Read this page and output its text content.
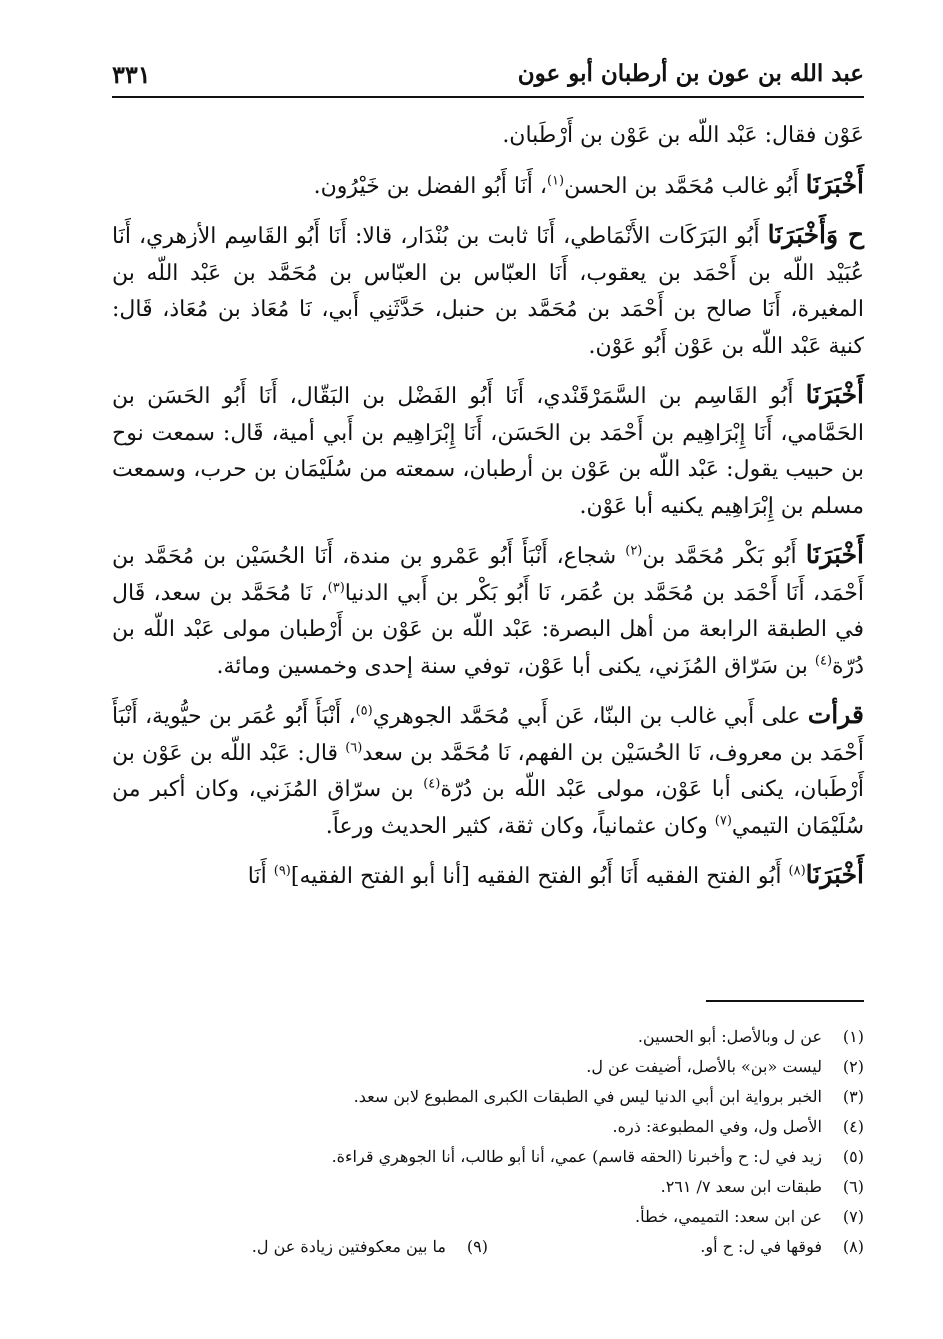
عبد الله بن عون بن أرطبان أبو عون
٣٣١

عَوْن فقال: عَبْد اللّه بن عَوْن بن أَرْطَبان.

أَخْبَرَنَا أَبُو غالب مُحَمَّد بن الحسن$^{(١)}$، أَنَا أَبُو الفضل بن خَيْرُون.

ح وَأَخْبَرَنَا أَبُو البَرَكَات الأَنْمَاطي، أَنَا ثابت بن بُنْدَار، قالا: أَنَا أَبُو القَاسِم الأزهري، أَنَا عُبَيْد اللّه بن أَحْمَد بن يعقوب، أَنَا العبّاس بن العبّاس بن مُحَمَّد بن عَبْد اللّه بن المغيرة، أَنَا صالح بن أَحْمَد بن مُحَمَّد بن حنبل، حَدَّثَنِي أَبي، نَا مُعَاذ بن مُعَاذ، قَال: كنية عَبْد اللّه بن عَوْن أَبُو عَوْن.

أَخْبَرَنَا أَبُو القَاسِم بن السَّمَرْقَنْدي، أَنَا أَبُو الفَضْل بن البَقّال، أَنَا أَبُو الحَسَن بن الحَمَّامي، أَنَا إِبْرَاهِيم بن أَحْمَد بن الحَسَن، أَنَا إِبْرَاهِيم بن أَبي أمية، قَال: سمعت نوح بن حبيب يقول: عَبْد اللّه بن عَوْن بن أرطبان، سمعته من سُلَيْمَان بن حرب، وسمعت مسلم بن إِبْرَاهِيم يكنيه أبا عَوْن.

أَخْبَرَنَا أَبُو بَكْر مُحَمَّد بن$^{(٢)}$ شجاع، أَنْبَأَ أَبُو عَمْرو بن مندة، أَنَا الحُسَيْن بن مُحَمَّد بن أَحْمَد، أَنَا أَحْمَد بن مُحَمَّد بن عُمَر، نَا أَبُو بَكْر بن أَبي الدنيا$^{(٣)}$، نَا مُحَمَّد بن سعد، قَال في الطبقة الرابعة من أهل البصرة: عَبْد اللّه بن عَوْن بن أَرْطبان مولى عَبْد اللّه بن دُرّة$^{(٤)}$ بن سَرّاق المُزَني، يكنى أبا عَوْن، توفي سنة إحدى وخمسين ومائة.

قرأت على أَبي غالب بن البنّا، عَن أَبي مُحَمَّد الجوهري$^{(٥)}$، أَنْبَأَ أَبُو عُمَر بن حيُّوية، أَنْبَأَ أَحْمَد بن معروف، نَا الحُسَيْن بن الفهم، نَا مُحَمَّد بن سعد$^{(٦)}$ قال: عَبْد اللّه بن عَوْن بن أَرْطَبان، يكنى أبا عَوْن، مولى عَبْد اللّه بن دُرّة$^{(٤)}$ بن سرّاق المُزَني، وكان أكبر من سُلَيْمَان التيمي$^{(٧)}$ وكان عثمانياً، وكان ثقة، كثير الحديث ورعاً.

أَخْبَرَنَا$^{(٨)}$ أَبُو الفتح الفقيه أَنَا أَبُو الفتح الفقيه [أنا أبو الفتح الفقيه]$^{(٩)}$ أَنَا

(١)عن ل وبالأصل: أبو الحسين.
(٢)ليست «بن» بالأصل، أضيفت عن ل.
(٣)الخبر برواية ابن أبي الدنيا ليس في الطبقات الكبرى المطبوع لابن سعد.
(٤)الأصل ول، وفي المطبوعة: ذره.
(٥)زيد في ل: ح وأخبرنا (الحقه قاسم) عمي، أنا أبو طالب، أنا الجوهري قراءة.
(٦)طبقات ابن سعد ٧/ ٢٦١.
(٧)عن ابن سعد: التميمي، خطأ.
(٨)فوقها في ل: ح أو.
(٩)ما بين معكوفتين زيادة عن ل.
